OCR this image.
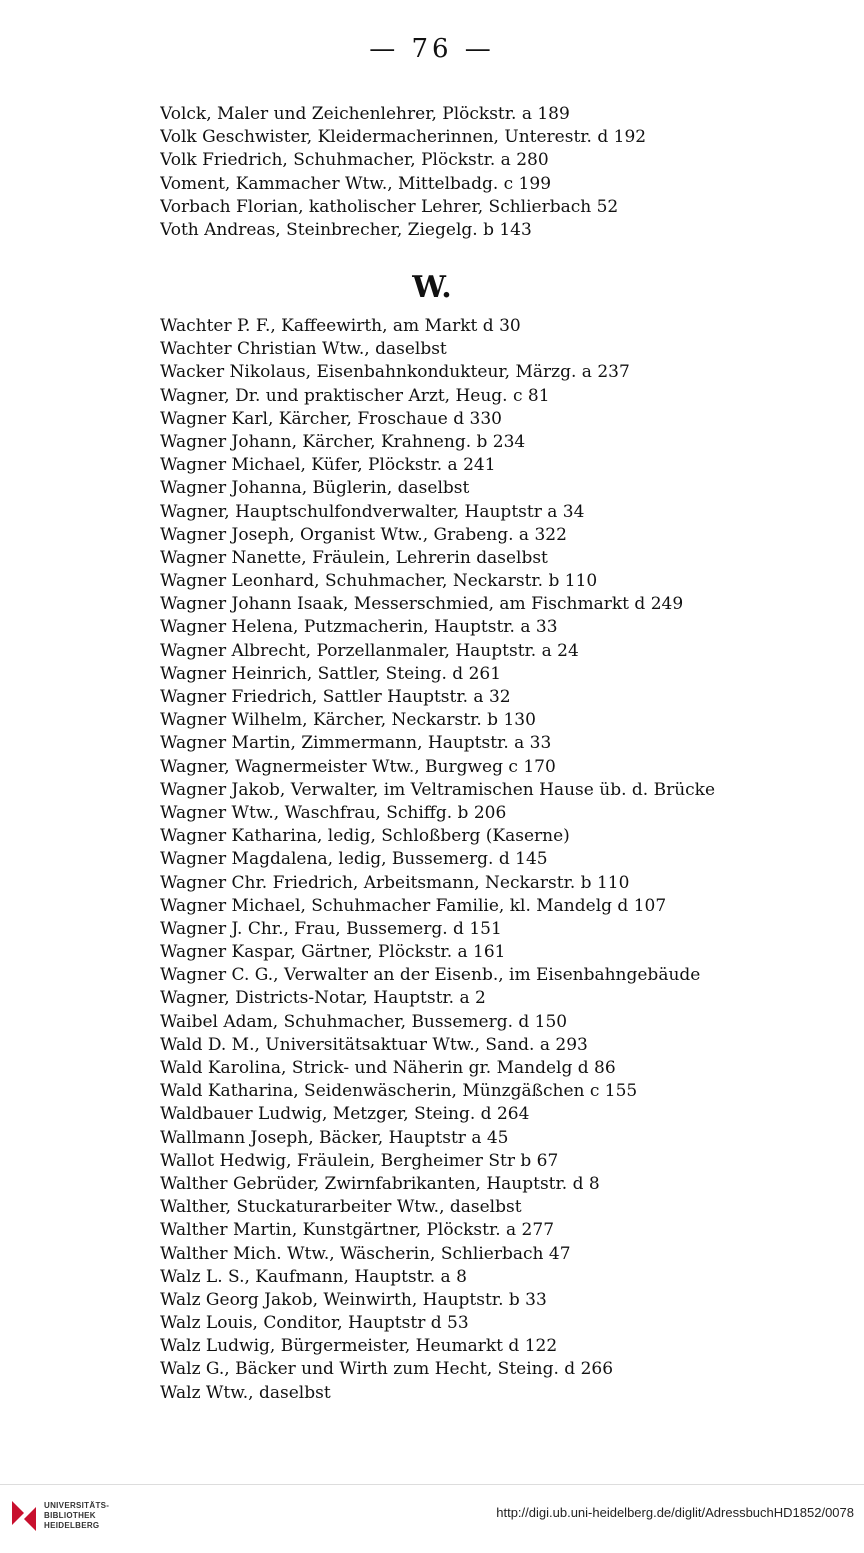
— 76 —
Volck, Maler und Zeichenlehrer, Plöckstr. a 189
Volk Geschwister, Kleidermacherinnen, Unterestr. d 192
Volk Friedrich, Schuhmacher, Plöckstr. a 280
Voment, Kammacher Wtw., Mittelbadg. c 199
Vorbach Florian, katholischer Lehrer, Schlierbach 52
Voth Andreas, Steinbrecher, Ziegelg. b 143
W.
Wachter P. F., Kaffeewirth, am Markt d 30
Wachter Christian Wtw., daselbst
Wacker Nikolaus, Eisenbahnkondukteur, Märzg. a 237
Wagner, Dr. und praktischer Arzt, Heug. c 81
Wagner Karl, Kärcher, Froschaue d 330
Wagner Johann, Kärcher, Krahneng. b 234
Wagner Michael, Küfer, Plöckstr. a 241
Wagner Johanna, Büglerin, daselbst
Wagner, Hauptschulfondverwalter, Hauptstr a 34
Wagner Joseph, Organist Wtw., Grabeng. a 322
Wagner Nanette, Fräulein, Lehrerin daselbst
Wagner Leonhard, Schuhmacher, Neckarstr. b 110
Wagner Johann Isaak, Messerschmied, am Fischmarkt d 249
Wagner Helena, Putzmacherin, Hauptstr. a 33
Wagner Albrecht, Porzellanmaler, Hauptstr. a 24
Wagner Heinrich, Sattler, Steing. d 261
Wagner Friedrich, Sattler Hauptstr. a 32
Wagner Wilhelm, Kärcher, Neckarstr. b 130
Wagner Martin, Zimmermann, Hauptstr. a 33
Wagner, Wagnermeister Wtw., Burgweg c 170
Wagner Jakob, Verwalter, im Veltramischen Hause üb. d. Brücke
Wagner Wtw., Waschfrau, Schiffg. b 206
Wagner Katharina, ledig, Schloßberg (Kaserne)
Wagner Magdalena, ledig, Bussemerg. d 145
Wagner Chr. Friedrich, Arbeitsmann, Neckarstr. b 110
Wagner Michael, Schuhmacher Familie, kl. Mandelg d 107
Wagner J. Chr., Frau, Bussemerg. d 151
Wagner Kaspar, Gärtner, Plöckstr. a 161
Wagner C. G., Verwalter an der Eisenb., im Eisenbahngebäude
Wagner, Districts-Notar, Hauptstr. a 2
Waibel Adam, Schuhmacher, Bussemerg. d 150
Wald D. M., Universitätsaktuar Wtw., Sand. a 293
Wald Karolina, Strick- und Näherin gr. Mandelg d 86
Wald Katharina, Seidenwäscherin, Münzgäßchen c 155
Waldbauer Ludwig, Metzger, Steing. d 264
Wallmann Joseph, Bäcker, Hauptstr a 45
Wallot Hedwig, Fräulein, Bergheimer Str b 67
Walther Gebrüder, Zwirnfabrikanten, Hauptstr. d 8
Walther, Stuckaturarbeiter Wtw., daselbst
Walther Martin, Kunstgärtner, Plöckstr. a 277
Walther Mich. Wtw., Wäscherin, Schlierbach 47
Walz L. S., Kaufmann, Hauptstr. a 8
Walz Georg Jakob, Weinwirth, Hauptstr. b 33
Walz Louis, Conditor, Hauptstr d 53
Walz Ludwig, Bürgermeister, Heumarkt d 122
Walz G., Bäcker und Wirth zum Hecht, Steing. d 266
Walz Wtw., daselbst
UNIVERSITÄTS-
BIBLIOTHEK
HEIDELBERG
http://digi.ub.uni-heidelberg.de/diglit/AdressbuchHD1852/0078
